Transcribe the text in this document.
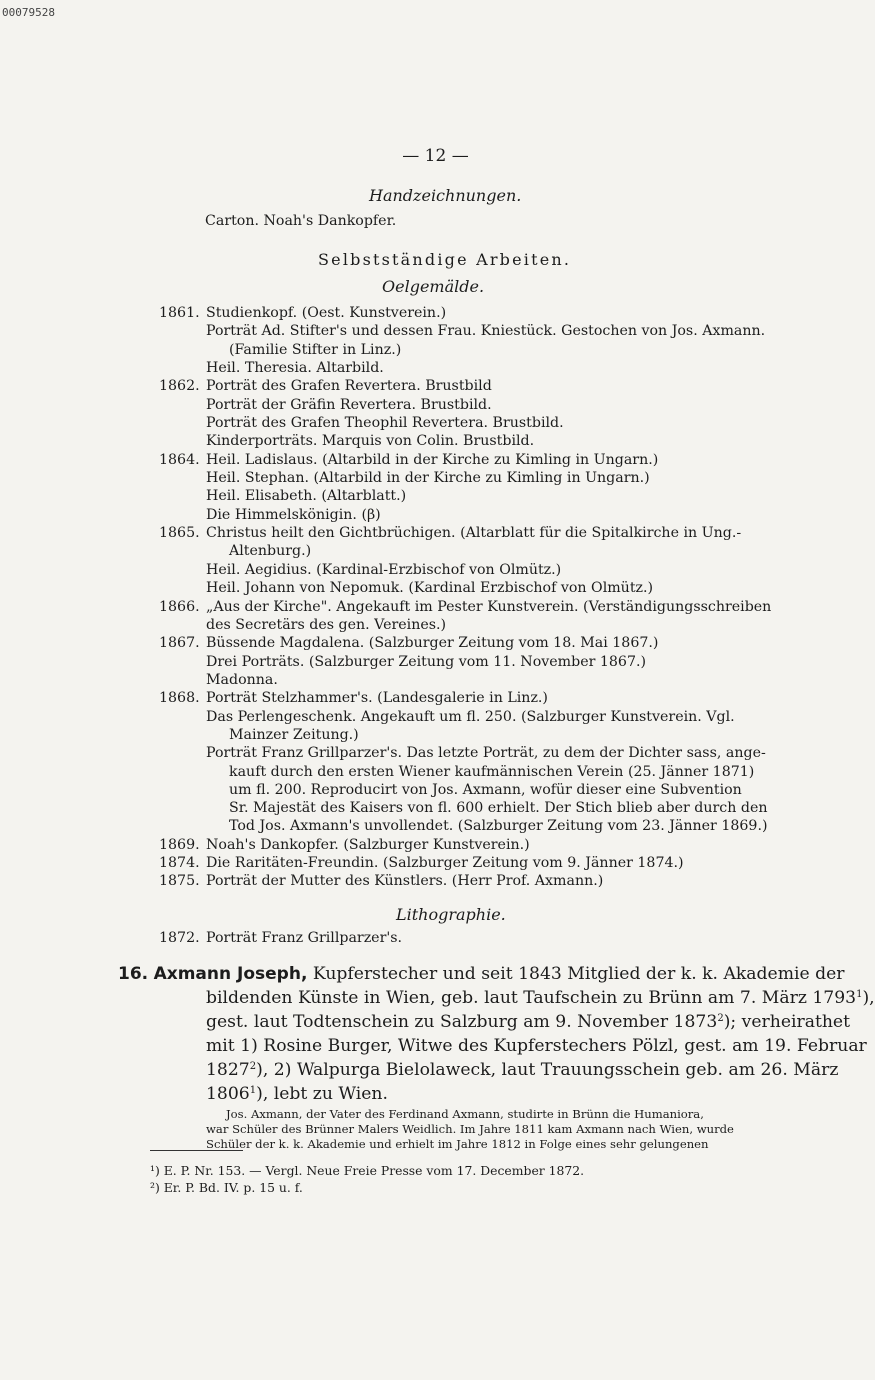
00079528
— 12 —
Handzeichnungen.
Carton. Noah's Dankopfer.
Selbstständige Arbeiten.
Oelgemälde.
1861.
1862.
1864.
1865.
1866.
1867.
1868.
1869.
1874.
1875.
1872.
Studienkopf. (Oest. Kunstverein.)
Porträt Ad. Stifter's und dessen Frau. Kniestück. Gestochen von Jos. Axmann.
(Familie Stifter in Linz.)
Heil. Theresia. Altarbild.
Porträt des Grafen Revertera. Brustbild
Porträt der Gräfin Revertera. Brustbild.
Porträt des Grafen Theophil Revertera. Brustbild.
Kinderporträts. Marquis von Colin. Brustbild.
Heil. Ladislaus. (Altarbild in der Kirche zu Kimling in Ungarn.)
Heil. Stephan. (Altarbild in der Kirche zu Kimling in Ungarn.)
Heil. Elisabeth. (Altarblatt.)
Die Himmelskönigin. (β)
Christus heilt den Gichtbrüchigen. (Altarblatt für die Spitalkirche in Ung.-
Altenburg.)
Heil. Aegidius. (Kardinal-Erzbischof von Olmütz.)
Heil. Johann von Nepomuk. (Kardinal Erzbischof von Olmütz.)
„Aus der Kirche". Angekauft im Pester Kunstverein. (Verständigungsschreiben
des Secretärs des gen. Vereines.)
Büssende Magdalena. (Salzburger Zeitung vom 18. Mai 1867.)
Drei Porträts. (Salzburger Zeitung vom 11. November 1867.)
Madonna.
Porträt Stelzhammer's. (Landesgalerie in Linz.)
Das Perlengeschenk. Angekauft um fl. 250. (Salzburger Kunstverein. Vgl.
Mainzer Zeitung.)
Porträt Franz Grillparzer's. Das letzte Porträt, zu dem der Dichter sass, ange-
kauft durch den ersten Wiener kaufmännischen Verein (25. Jänner 1871)
um fl. 200. Reproducirt von Jos. Axmann, wofür dieser eine Subvention
Sr. Majestät des Kaisers von fl. 600 erhielt. Der Stich blieb aber durch den
Tod Jos. Axmann's unvollendet. (Salzburger Zeitung vom 23. Jänner 1869.)
Noah's Dankopfer. (Salzburger Kunstverein.)
Die Raritäten-Freundin. (Salzburger Zeitung vom 9. Jänner 1874.)
Porträt der Mutter des Künstlers. (Herr Prof. Axmann.)
Lithographie.
Porträt Franz Grillparzer's.
16. Axmann Joseph, Kupferstecher und seit 1843 Mitglied der k. k. Akademie der
bildenden Künste in Wien, geb. laut Taufschein zu Brünn am 7. März 1793$^1$),
gest. laut Todtenschein zu Salzburg am 9. November 1873$^2$); verheirathet
mit 1) Rosine Burger, Witwe des Kupferstechers Pölzl, gest. am 19. Februar
1827$^2$), 2) Walpurga Bielolaweck, laut Trauungsschein geb. am 26. März
1806$^1$), lebt zu Wien.
Jos. Axmann, der Vater des Ferdinand Axmann, studirte in Brünn die Humaniora,
war Schüler des Brünner Malers Weidlich. Im Jahre 1811 kam Axmann nach Wien, wurde
Schüler der k. k. Akademie und erhielt im Jahre 1812 in Folge eines sehr gelungenen
¹) E. P. Nr. 153. — Vergl. Neue Freie Presse vom 17. December 1872.
²) Er. P. Bd. IV. p. 15 u. f.
